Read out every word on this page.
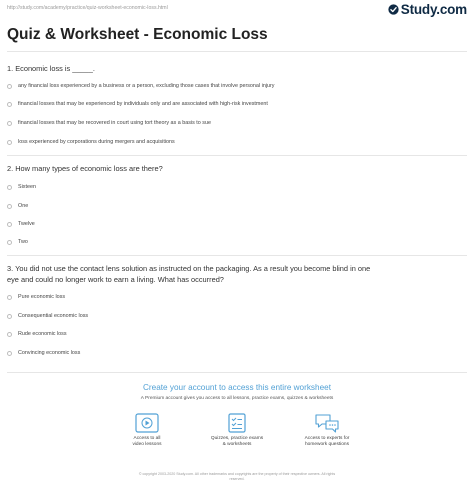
http://study.com/academy/practice/quiz-worksheet-economic-loss.html	Study.com
Quiz & Worksheet - Economic Loss

1. Economic loss is _____.

any financial loss experienced by a business or a person, excluding those cases that involve personal injury
financial losses that may be experienced by individuals only and are associated with high-risk investment
financial losses that may be recovered in court using tort theory as a basis to sue
loss experienced by corporations during mergers and acquisitions

2. How many types of economic loss are there?

Sixteen
One
Twelve
Two

3. You did not use the contact lens solution as instructed on the packaging. As a result you become blind in one
eye and could no longer work to earn a living. What has occurred?

Pure economic loss
Consequential economic loss
Rude economic loss
Convincing economic loss
Create your account to access this entire worksheet
A Premium account gives you access to all lessons, practice exams, quizzes & worksheets
Access to all
video lessons
Quizzes, practice exams
& worksheets
Access to experts for
homework questions
© copyright 2003-2020 Study.com. All other trademarks and copyrights are the property of their respective owners. All rights
reserved.
